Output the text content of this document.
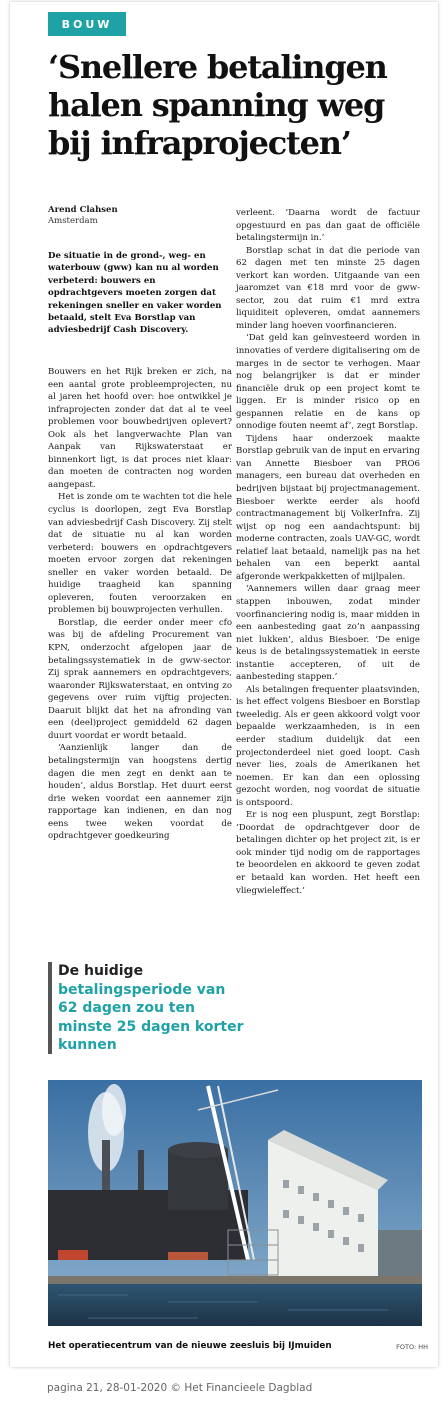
BOUW
‘Snellere betalingen halen spanning weg bij infraprojecten’
Arend Clahsen
Amsterdam
De situatie in de grond-, weg- en waterbouw (gww) kan nu al worden verbeterd: bouwers en opdrachtgevers moeten zorgen dat rekeningen sneller en vaker worden betaald, stelt Eva Borstlap van adviesbedrijf Cash Discovery.

Bouwers en het Rijk breken er zich, na een aantal grote probleemprojecten, nu al jaren het hoofd over: hoe ontwikkel je infraprojecten zonder dat dat al te veel problemen voor bouwbedrijven oplevert? Ook als het langverwachte Plan van Aanpak van Rijkswaterstaat er binnenkort ligt, is dat proces niet klaar: dan moeten de contracten nog worden aangepast.

Het is zonde om te wachten tot die hele cyclus is doorlopen, zegt Eva Borstlap van adviesbedrijf Cash Discovery. Zij stelt dat de situatie nu al kan worden verbeterd: bouwers en opdrachtgevers moeten ervoor zorgen dat rekeningen sneller en vaker worden betaald. De huidige traagheid kan spanning opleveren, fouten veroorzaken en problemen bij bouwprojecten verhullen.

Borstlap, die eerder onder meer cfo was bij de afdeling Procurement van KPN, onderzocht afgelopen jaar de betalingssystematiek in de gww-sector. Zij sprak aannemers en opdrachtgevers, waaronder Rijkswaterstaat, en ontving zo gegevens over ruim vijftig projecten. Daaruit blijkt dat het na afronding van een (deel)project gemiddeld 62 dagen duurt voordat er wordt betaald.

‘Aanzienlijk langer dan de betalingstermijn van hoogstens dertig dagen die men zegt en denkt aan te houden’, aldus Borstlap. Het duurt eerst drie weken voordat een aannemer zijn rapportage kan indienen, en dan nog eens twee weken voordat de opdrachtgever goedkeuring

verleent. ‘Daarna wordt de factuur opgestuurd en pas dan gaat de officiële betalingstermijn in.’

Borstlap schat in dat die periode van 62 dagen met ten minste 25 dagen verkort kan worden. Uitgaande van een jaaromzet van €18 mrd voor de gww-sector, zou dat ruim €1 mrd extra liquiditeit opleveren, omdat aannemers minder lang hoeven voorfinancieren.

‘Dat geld kan geïnvesteerd worden in innovaties of verdere digitalisering om de marges in de sector te verhogen. Maar nog belangrijker is dat er minder financiële druk op een project komt te liggen. Er is minder risico op en gespannen relatie en de kans op onnodige fouten neemt af’, zegt Borstlap.

Tijdens haar onderzoek maakte Borstlap gebruik van de input en ervaring van Annette Biesboer van PRO6 managers, een bureau dat overheden en bedrijven bijstaat bij projectmanagement. Biesboer werkte eerder als hoofd contractmanagement bij VolkerInfra. Zij wijst op nog een aandachtspunt: bij moderne contracten, zoals UAV-GC, wordt relatief laat betaald, namelijk pas na het behalen van een beperkt aantal afgeronde werkpakketten of mijlpalen.

‘Aannemers willen daar graag meer stappen inbouwen, zodat minder voorfinanciering nodig is, maar midden in een aanbesteding gaat zo’n aanpassing niet lukken’, aldus Biesboer. ‘De enige keus is de betalingssystematiek in eerste instantie accepteren, of uit de aanbesteding stappen.’

Als betalingen frequenter plaatsvinden, is het effect volgens Biesboer en Borstlap tweeledig. Als er geen akkoord volgt voor bepaalde werkzaamheden, is in een eerder stadium duidelijk dat een projectonderdeel niet goed loopt. Cash never lies, zoals de Amerikanen het noemen. Er kan dan een oplossing gezocht worden, nog voordat de situatie is ontspoord.

Er is nog een pluspunt, zegt Borstlap: ‘Doordat de opdrachtgever door de betalingen dichter op het project zit, is er ook minder tijd nodig om de rapportages te beoordelen en akkoord te geven zodat er betaald kan worden. Het heeft een vliegwieleffect.’

De huidige
betalingsperiode van 62 dagen zou ten minste 25 dagen korter kunnen
Het operatiecentrum van de nieuwe zeesluis bij IJmuiden	FOTO: HH
pagina 21, 28-01-2020 © Het Financieele Dagblad
